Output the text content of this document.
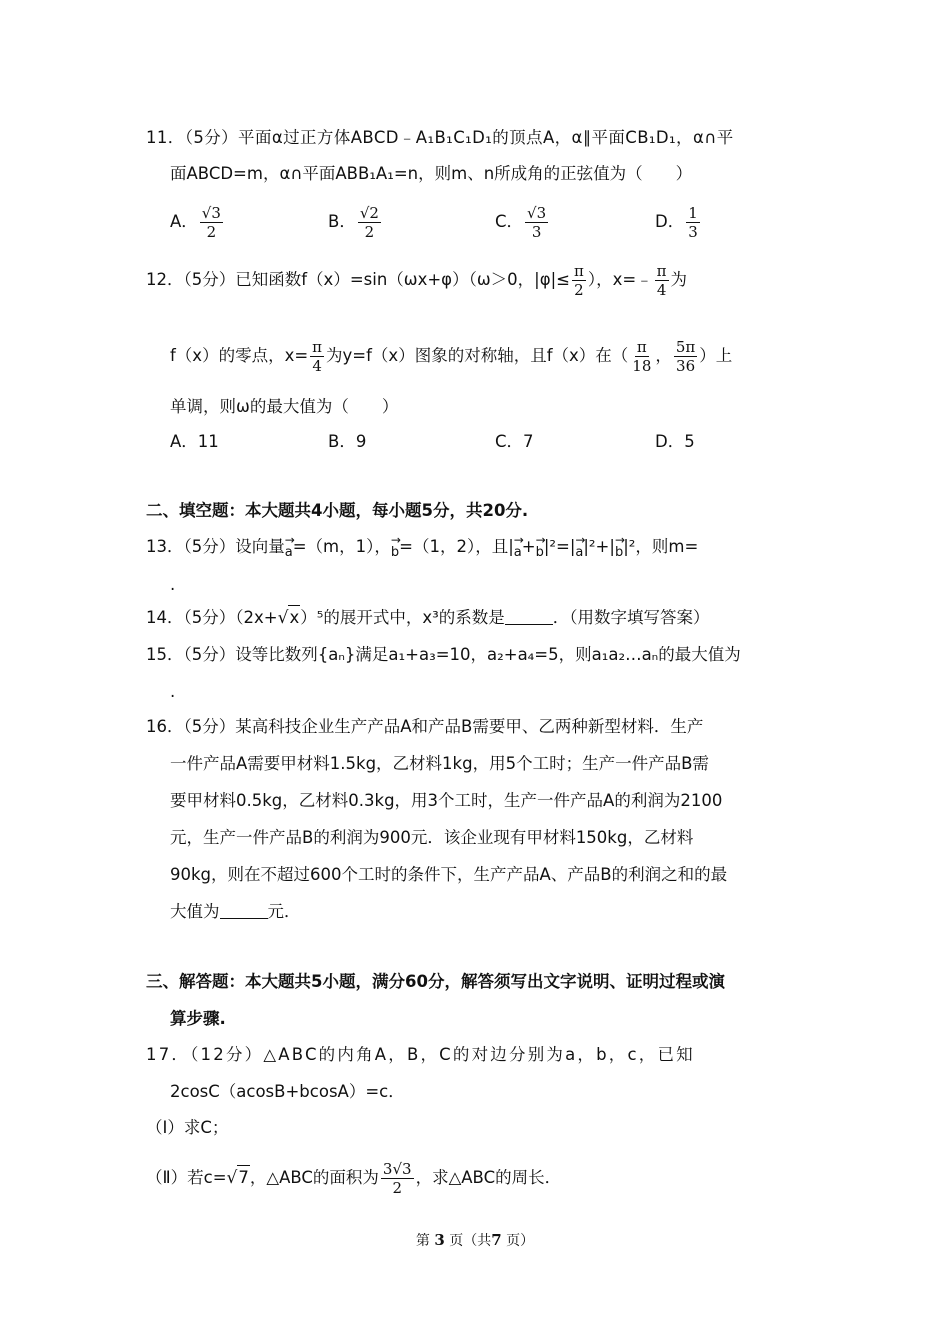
11．（5分）平面α过正方体ABCD﹣A₁B₁C₁D₁的顶点A，α∥平面CB₁D₁，α∩平
面ABCD=m，α∩平面ABB₁A₁=n，则m、n所成角的正弦值为（　　）
A． $\frac{√3}{2}$	B． $\frac{√2}{2}$	C． $\frac{√3}{3}$	D． $\frac{1}{3}$
12．（5分）已知函数f（x）=sin（ωx+φ）（ω＞0，$|\varphi|\le \frac{\pi}{2}$ ），x=﹣ $\frac{\pi}{4}$ 为
f（x）的零点，$x= \frac{\pi}{4}$ 为y=f（x）图象的对称轴，且f（x）在（ $\frac{\pi}{18}$ ， $\frac{5\pi}{36}$ ）上
单调，则ω的最大值为（　　）
A．11	B．9	C．7	D．5
二、填空题：本大题共4小题，每小题5分，共20分.
13．（5分）设向量→ a=（m，1），→ b=（1，2），且|→ a+→ b|²=|→ a|²+|→ b|²，则m=
.
14．（5分）（2x+ √ x ）⁵的展开式中，x³的系数是	．（用数字填写答案）
15．（5分）设等比数列{aₙ}满足a₁+a₃=10，a₂+a₄=5，则a₁a₂…aₙ的最大值为
.
16．（5分）某高科技企业生产产品A和产品B需要甲、乙两种新型材料．生产
一件产品A需要甲材料1.5kg，乙材料1kg，用5个工时；生产一件产品B需
要甲材料0.5kg，乙材料0.3kg，用3个工时，生产一件产品A的利润为2100
元，生产一件产品B的利润为900元．该企业现有甲材料150kg，乙材料
90kg，则在不超过600个工时的条件下，生产产品A、产品B的利润之和的最
大值为	元．
三、解答题：本大题共5小题，满分60分，解答须写出文字说明、证明过程或演
算步骤.
17．（12分）△ABC的内角A，B，C的对边分别为a，b，c，已知
2cosC（acosB+bcosA）=c．
（Ⅰ）求C；
（Ⅱ）若c= √ 7 ，△ABC的面积为 $\frac{3√3}{2}$ ，求△ABC的周长．
第 3 页（共7 页）
